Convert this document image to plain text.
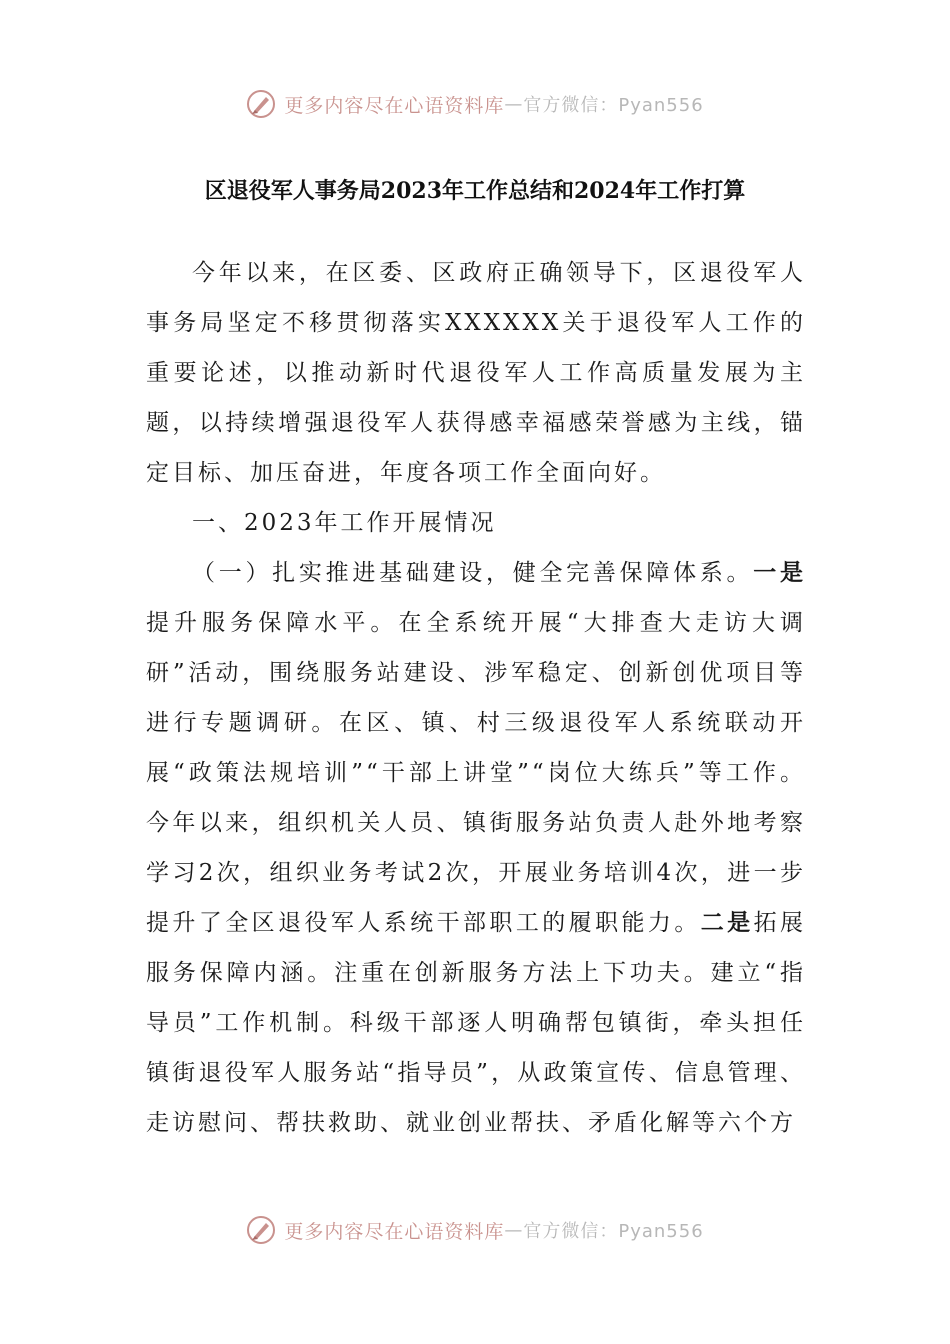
更多内容尽在心语资料库 — 官方微信：Pyan556
区退役军人事务局2023年工作总结和2024年工作打算

今年以来，在区委、区政府正确领导下，区退役军人事务局坚定不移贯彻落实XXXXXX关于退役军人工作的重要论述，以推动新时代退役军人工作高质量发展为主题，以持续增强退役军人获得感幸福感荣誉感为主线，锚定目标、加压奋进，年度各项工作全面向好。

一、2023年工作开展情况

（一）扎实推进基础建设，健全完善保障体系。一是提升服务保障水平。在全系统开展“大排查大走访大调研”活动，围绕服务站建设、涉军稳定、创新创优项目等进行专题调研。在区、镇、村三级退役军人系统联动开展“政策法规培训”“干部上讲堂”“岗位大练兵”等工作。今年以来，组织机关人员、镇街服务站负责人赴外地考察学习2次，组织业务考试2次，开展业务培训4次，进一步提升了全区退役军人系统干部职工的履职能力。二是拓展服务保障内涵。注重在创新服务方法上下功夫。建立“指导员”工作机制。科级干部逐人明确帮包镇街，牵头担任镇街退役军人服务站“指导员”，从政策宣传、信息管理、走访慰问、帮扶救助、就业创业帮扶、矛盾化解等六个方

更多内容尽在心语资料库 — 官方微信：Pyan556
